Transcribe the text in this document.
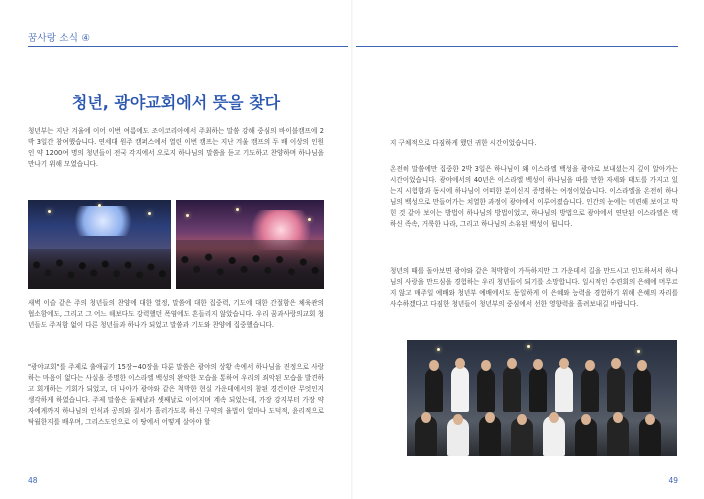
꿈사랑 소식 ④
청년, 광야교회에서 뜻을 찾다

청년부는 지난 겨울에 이어 이번 여름에도 조이코리아에서 주최하는 말씀 강해 중심의 바이블캠프에 2박 3일간 참여했습니다. 연세대 원주 캠퍼스에서 열린 이번 캠프는 지난 겨울 캠프의 두 배 이상의 인원인 약 1200여 명의 청년들이 전국 각지에서 오로지 하나님의 말씀을 듣고 기도하고 찬양하며 하나님을 만나기 위해 모였습니다.

새벽 이슬 같은 주의 청년들의 찬양에 대한 열정, 말씀에 대한 집중력, 기도에 대한 간절함은 체육관의 협소함에도, 그리고 그 어느 해보다도 강력했던 폭염에도 흔들리지 않았습니다. 우리 꿈과사랑의교회 청년들도 주저함 없이 다른 청년들과 하나가 되었고 말씀과 기도와 찬양에 집중했습니다.

"광야교회"를 주제로 출애굽기 15장~40장을 다룬 말씀은 광야의 상황 속에서 하나님을 진정으로 사랑하는 마음이 없다는 사실을 증명한 이스라엘 백성의 완악한 모습을 통하여 우리의 죄악된 모습을 발견하고 회개하는 기회가 되었고, 더 나아가 광야와 같은 척박한 현실 가운데에서의 참된 경건이란 무엇인지 생각하게 하였습니다. 주제 말씀은 둘째날과 셋째날로 이어지며 계속 되었는데, 가장 강지부터 가장 약자에게까지 하나님의 인식과 공의와 질서가 흘러가도록 하신 구약의 율법이 얼마나 도덕적, 윤리적으로 탁월한지를 배우며, 그리스도인으로 이 땅에서 어떻게 살아야 할

48

지 구체적으로 다짐하게 했던 귀한 시간이었습니다.

온전히 말씀에만 집중한 2박 3일은 하나님이 왜 이스라엘 백성을 광야로 보내셨는지 깊이 알아가는 시간이었습니다. 광야에서의 40년은 이스라엘 백성이 하나님을 따를 만한 자세와 태도를 가지고 있는지 시험함과 동시에 하나님이 어떠한 분이신지 증명하는 여정이었습니다. 이스라엘을 온전히 하나님의 백성으로 만들어가는 치열한 과정이 광야에서 이루어졌습니다. 인간의 눈에는 미련해 보이고 막힌 것 같아 보이는 방법이 하나님의 방법이었고, 하나님의 방법으로 광야에서 연단된 이스라엘은 택하신 족속, 거룩한 나라, 그리고 하나님의 소유된 백성이 됩니다.

청년의 때를 돌아보면 광야와 같은 척박함이 가득하지만 그 가운데서 길을 만드시고 인도하셔서 하나님의 사랑을 만드심을 경험하는 우리 청년들이 되기를 소망합니다. 일시적인 수련회의 은혜에 머무르지 않고 매주일 예배와 청년부 예배에서도 동일하게 이 은혜와 능력을 경험하기 위해 은혜의 자리를 사수하겠다고 다짐한 청년들이 청년부의 중심에서 선한 영향력을 흘려보내길 바랍니다.

49
